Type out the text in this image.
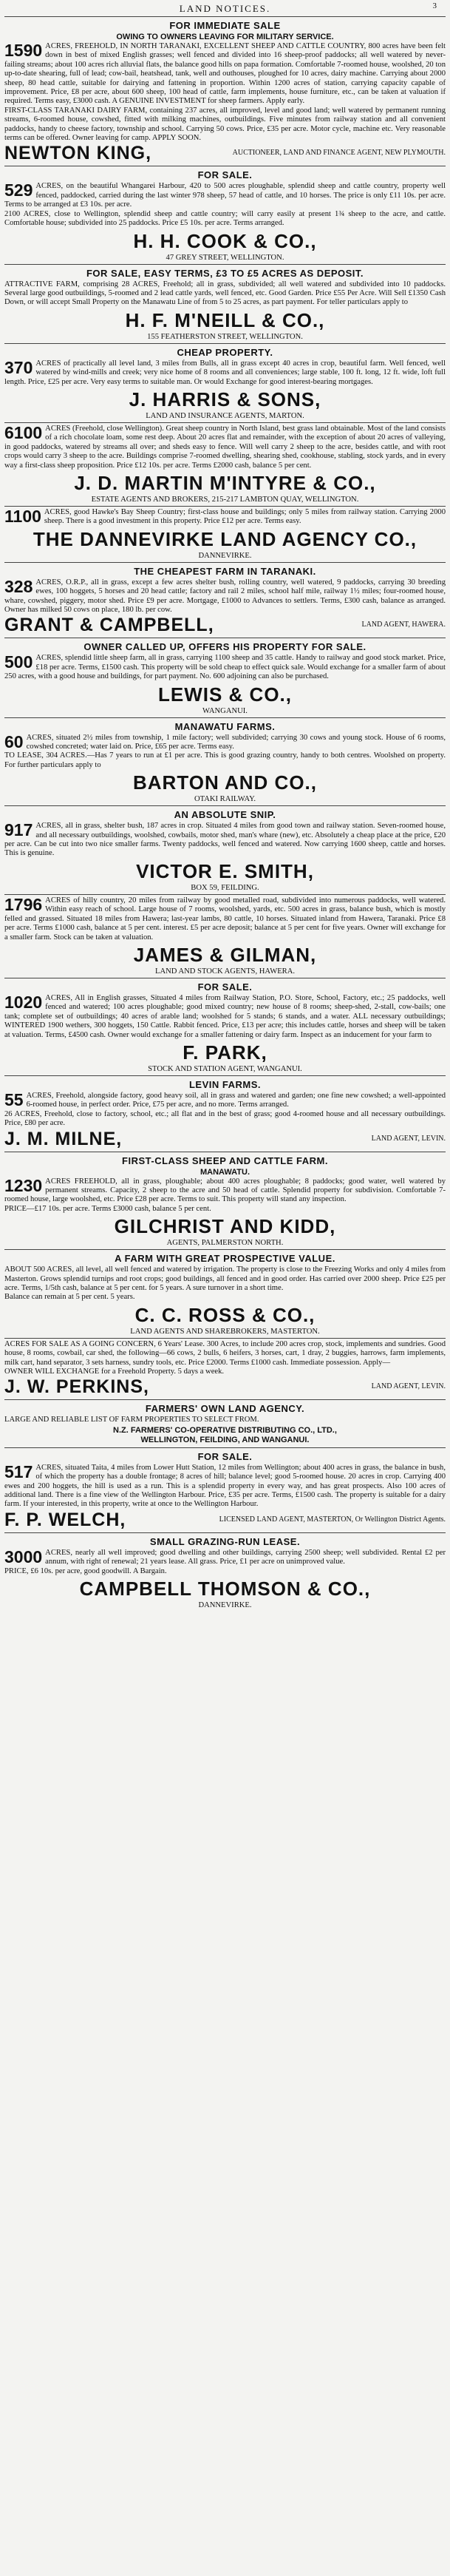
LAND NOTICES.	3
FOR IMMEDIATE SALE
OWING TO OWNERS LEAVING FOR MILITARY SERVICE.

1590 ACRES, FREEHOLD, IN NORTH TARANAKI, EXCELLENT SHEEP AND CATTLE COUNTRY, 800 acres have been felt down in best of mixed English grasses; well fenced and divided into 16 sheep-proof paddocks; all well watered by never-failing streams; about 100 acres rich alluvial flats, the balance good hills on papa formation. Comfortable 7-roomed house, woolshed, 20 ton up-to-date shearing, full of lead; cow-bail, heatshead, tank, well and outhouses, ploughed for 10 acres, dairy machine. Carrying about 2000 sheep, 80 head cattle, suitable for dairying and fattening in proportion. Within 1200 acres of station, carrying capacity capable of improvement. Price, £8 per acre, about 600 sheep, 100 head of cattle, farm implements, house furniture, etc., can be taken at valuation if required. Terms easy, £3000 cash. A GENUINE INVESTMENT for sheep farmers. Apply early.

FIRST-CLASS TARANAKI DAIRY FARM, containing 237 acres, all improved, level and good land; well watered by permanent running streams, 6-roomed house, cowshed, fitted with milking machines, outbuildings. Five minutes from railway station and all convenient paddocks, handy to cheese factory, township and school. Carrying 50 cows. Price, £35 per acre. Motor cycle, machine etc. Very reasonable terms can be offered. Owner leaving for camp. APPLY SOON.

NEWTON KING,	AUCTIONEER, LAND AND FINANCE AGENT, NEW PLYMOUTH.
FOR SALE.

529 ACRES, on the beautiful Whangarei Harbour, 420 to 500 acres ploughable, splendid sheep and cattle country, property well fenced, paddocked, carried during the last winter 978 sheep, 57 head of cattle, and 10 horses. The price is only £11 10s. per acre. Terms to be arranged at £3 10s. per acre.

2100 ACRES, close to Wellington, splendid sheep and cattle country; will carry easily at present 1¾ sheep to the acre, and cattle. Comfortable house; subdivided into 25 paddocks. Price £5 10s. per acre. Terms arranged.

H. H. COOK & CO.,
47 GREY STREET, WELLINGTON.
FOR SALE, EASY TERMS, £3 TO £5 ACRES AS DEPOSIT.

ATTRACTIVE FARM, comprising 28 ACRES, Freehold; all in grass, subdivided; all well watered and subdivided into 10 paddocks. Several large good outbuildings, 5-roomed and 2 lead cattle yards, well fenced, etc. Good Garden. Price £55 Per Acre. Will Sell £1350 Cash Down, or will accept Small Property on the Manawatu Line of from 5 to 25 acres, as part payment. For teller particulars apply to

H. F. M'NEILL & CO.,
155 FEATHERSTON STREET, WELLINGTON.
CHEAP PROPERTY.

370 ACRES of practically all level land, 3 miles from Bulls, all in grass except 40 acres in crop, beautiful farm. Well fenced, well watered by wind-mills and creek; very nice home of 8 rooms and all conveniences; large stable, 100 ft. long, 12 ft. wide, loft full length. Price, £25 per acre. Very easy terms to suitable man. Or would Exchange for good interest-bearing mortgages.

J. HARRIS & SONS,
LAND AND INSURANCE AGENTS, MARTON.

6100 ACRES (Freehold, close Wellington). Great sheep country in North Island, best grass land obtainable. Most of the land consists of a rich chocolate loam, some rest deep. About 20 acres flat and remainder, with the exception of about 20 acres of valleying, in good paddocks, watered by streams all over; and sheds easy to fence. Will well carry 2 sheep to the acre, besides cattle, and with root crops would carry 3 sheep to the acre. Buildings comprise 7-roomed dwelling, shearing shed, cookhouse, stabling, stock yards, and in every way a first-class sheep proposition. Price £12 10s. per acre. Terms £2000 cash, balance 5 per cent.

J. D. MARTIN M'INTYRE & CO.,
ESTATE AGENTS AND BROKERS, 215-217 LAMBTON QUAY, WELLINGTON.

1100 ACRES, good Hawke's Bay Sheep Country; first-class house and buildings; only 5 miles from railway station. Carrying 2000 sheep. There is a good investment in this property. Price £12 per acre. Terms easy.

THE DANNEVIRKE LAND AGENCY CO.,
DANNEVIRKE.
THE CHEAPEST FARM IN TARANAKI.

328 ACRES, O.R.P., all in grass, except a few acres shelter bush, rolling country, well watered, 9 paddocks, carrying 30 breeding ewes, 100 hoggets, 5 horses and 20 head cattle; factory and rail 2 miles, school half mile, railway 1½ miles; four-roomed house, whare, cowshed, piggery, motor shed. Price £9 per acre. Mortgage, £1000 to Advances to settlers. Terms, £300 cash, balance as arranged. Owner has milked 50 cows on place, 180 lb. per cow.

GRANT & CAMPBELL,	LAND AGENT, HAWERA.
OWNER CALLED UP, OFFERS HIS PROPERTY FOR SALE.

500 ACRES, splendid little sheep farm, all in grass, carrying 1100 sheep and 35 cattle. Handy to railway and good stock market. Price, £18 per acre. Terms, £1500 cash. This property will be sold cheap to effect quick sale. Would exchange for a smaller farm of about 250 acres, with a good house and buildings, for part payment. No. 600 adjoining can also be purchased.

LEWIS & CO.,
WANGANUI.
MANAWATU FARMS.

60 ACRES, situated 2½ miles from township, 1 mile factory; well subdivided; carrying 30 cows and young stock. House of 6 rooms, cowshed concreted; water laid on. Price, £65 per acre. Terms easy.

TO LEASE, 304 ACRES.—Has 7 years to run at £1 per acre. This is good grazing country, handy to both centres. Woolshed on property. For further particulars apply to

BARTON AND CO.,
OTAKI RAILWAY.
AN ABSOLUTE SNIP.

917 ACRES, all in grass, shelter bush, 187 acres in crop. Situated 4 miles from good town and railway station. Seven-roomed house, and all necessary outbuildings, woolshed, cowbails, motor shed, man's whare (new), etc. Absolutely a cheap place at the price, £20 per acre. Can be cut into two nice smaller farms. Twenty paddocks, well fenced and watered. Now carrying 1600 sheep, cattle and horses. This is genuine.

VICTOR E. SMITH,
BOX 59, FEILDING.

1796 ACRES of hilly country, 20 miles from railway by good metalled road, subdivided into numerous paddocks, well watered. Within easy reach of school. Large house of 7 rooms, woolshed, yards, etc. 500 acres in grass, balance bush, which is mostly felled and grassed. Situated 18 miles from Hawera; last-year lambs, 80 cattle, 10 horses. Situated inland from Hawera, Taranaki. Price £8 per acre. Terms £1000 cash, balance at 5 per cent. interest. £5 per acre deposit; balance at 5 per cent for five years. Owner will exchange for a smaller farm. Stock can be taken at valuation.

JAMES & GILMAN,
LAND AND STOCK AGENTS, HAWERA.
FOR SALE.

1020 ACRES, All in English grasses, Situated 4 miles from Railway Station, P.O. Store, School, Factory, etc.; 25 paddocks, well fenced and watered; 100 acres ploughable; good mixed country; new house of 8 rooms; sheep-shed, 2-stall, cow-bails; one tank; complete set of outbuildings; 40 acres of arable land; woolshed for 5 stands; 6 stands, and a water. ALL necessary outbuildings; WINTERED 1900 wethers, 300 hoggets, 150 Cattle. Rabbit fenced. Price, £13 per acre; this includes cattle, horses and sheep will be taken at valuation. Terms, £4500 cash. Owner would exchange for a smaller fattening or dairy farm. Inspect as an inducement for your farm to

F. PARK,
STOCK AND STATION AGENT, WANGANUI.
LEVIN FARMS.

55 ACRES, Freehold, alongside factory, good heavy soil, all in grass and watered and garden; one fine new cowshed; a well-appointed 6-roomed house, in perfect order. Price, £75 per acre, and no more. Terms arranged.

26 ACRES, Freehold, close to factory, school, etc.; all flat and in the best of grass; good 4-roomed house and all necessary outbuildings. Price, £80 per acre.

J. M. MILNE,	LAND AGENT, LEVIN.
FIRST-CLASS SHEEP AND CATTLE FARM.
MANAWATU.

1230 ACRES FREEHOLD, all in grass, ploughable; about 400 acres ploughable; 8 paddocks; good water, well watered by permanent streams. Capacity, 2 sheep to the acre and 50 head of cattle. Splendid property for subdivision. Comfortable 7-roomed house, large woolshed, etc. Price £28 per acre. Terms to suit. This property will stand any inspection.

PRICE—£17 10s. per acre. Terms £3000 cash, balance 5 per cent.

GILCHRIST AND KIDD,
AGENTS, PALMERSTON NORTH.
A FARM WITH GREAT PROSPECTIVE VALUE.

ABOUT 500 ACRES, all level, all well fenced and watered by irrigation. The property is close to the Freezing Works and only 4 miles from Masterton. Grows splendid turnips and root crops; good buildings, all fenced and in good order. Has carried over 2000 sheep. Price £25 per acre. Terms, 1/5th cash, balance at 5 per cent. for 5 years. A sure turnover in a short time.

Balance can remain at 5 per cent. 5 years.

C. C. ROSS & CO.,
LAND AGENTS AND SHAREBROKERS, MASTERTON.

ACRES FOR SALE AS A GOING CONCERN, 6 Years' Lease. 300 Acres, to include 200 acres crop, stock, implements and sundries. Good house, 8 rooms, cowbail, car shed, the following—66 cows, 2 bulls, 6 heifers, 3 horses, cart, 1 dray, 2 buggies, harrows, farm implements, milk cart, hand separator, 3 sets harness, sundry tools, etc. Price £2000. Terms £1000 cash. Immediate possession. Apply—

OWNER WILL EXCHANGE for a Freehold Property. 5 days a week.

J. W. PERKINS,	LAND AGENT, LEVIN.
FARMERS' OWN LAND AGENCY.

LARGE AND RELIABLE LIST OF FARM PROPERTIES TO SELECT FROM.

N.Z. FARMERS' CO-OPERATIVE DISTRIBUTING CO., LTD.,

WELLINGTON, FEILDING, AND WANGANUI.

FOR SALE.

517 ACRES, situated Taita, 4 miles from Lower Hutt Station, 12 miles from Wellington; about 400 acres in grass, the balance in bush, of which the property has a double frontage; 8 acres of hill; balance level; good 5-roomed house. 20 acres in crop. Carrying 400 ewes and 200 hoggets, the hill is used as a run. This is a splendid property in every way, and has great prospects. Also 100 acres of additional land. There is a fine view of the Wellington Harbour. Price, £35 per acre. Terms, £1500 cash. The property is suitable for a dairy farm. If your interested, in this property, write at once to the Wellington Harbour.

F. P. WELCH,	LICENSED LAND AGENT, MASTERTON, Or Wellington District Agents.
SMALL GRAZING-RUN LEASE.

3000 ACRES, nearly all well improved; good dwelling and other buildings, carrying 2500 sheep; well subdivided. Rental £2 per annum, with right of renewal; 21 years lease. All grass. Price, £1 per acre on unimproved value.

PRICE, £6 10s. per acre, good goodwill. A Bargain.

CAMPBELL THOMSON & CO.,
DANNEVIRKE.
